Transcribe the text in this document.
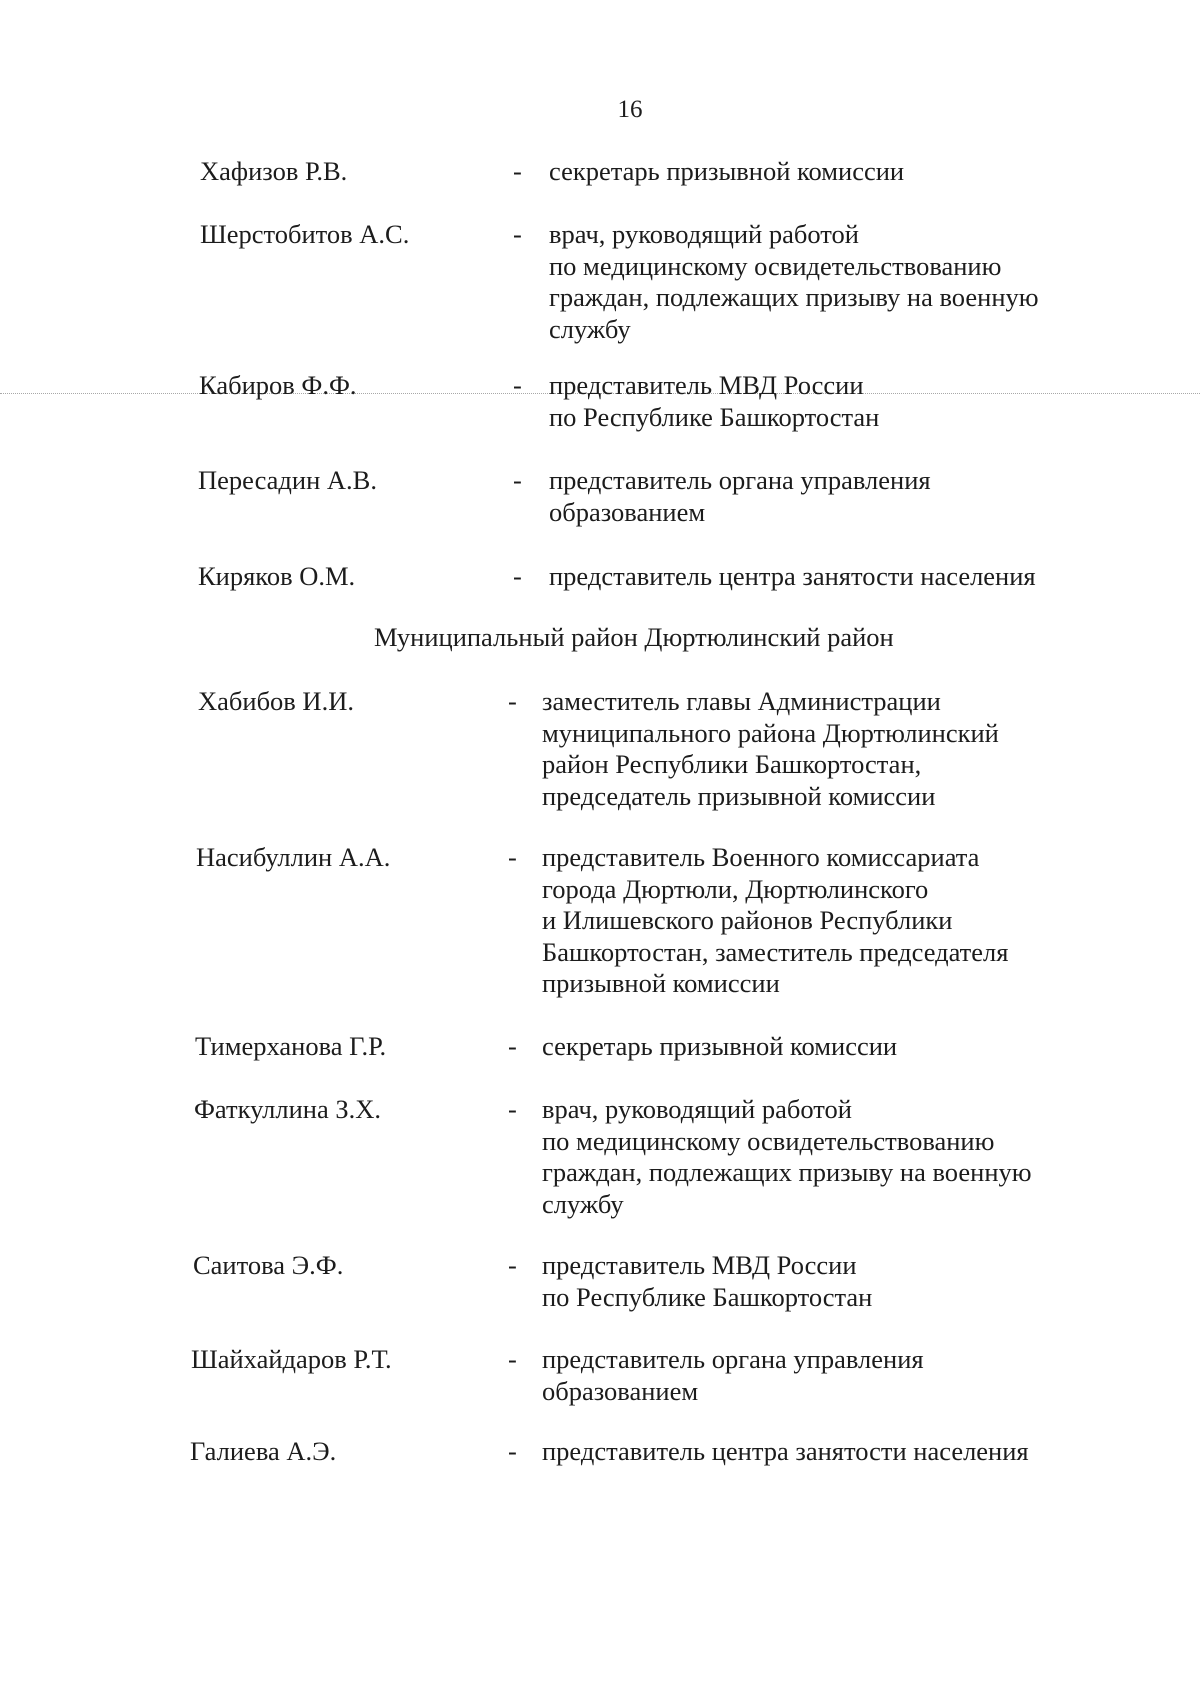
16
Муниципальный район Дюртюлинский район
Хафизов Р.В.	- секретарь призывной комиссии
Шерстобитов А.С.	- врач, руководящий работой
по медицинскому освидетельствованию
граждан, подлежащих призыву на военную
службу
Кабиров Ф.Ф.	- представитель МВД России
по Республике Башкортостан
Пересадин А.В.	- представитель органа управления
образованием
Киряков О.М.	- представитель центра занятости населения
Хабибов И.И.	- заместитель главы Администрации
муниципального района Дюртюлинский
район Республики Башкортостан,
председатель призывной комиссии
Насибуллин А.А.	- представитель Военного комиссариата
города Дюртюли, Дюртюлинского
и Илишевского районов Республики
Башкортостан, заместитель председателя
призывной комиссии
Тимерханова Г.Р.	- секретарь призывной комиссии
Фаткуллина З.Х.	- врач, руководящий работой
по медицинскому освидетельствованию
граждан, подлежащих призыву на военную
службу
Саитова Э.Ф.	- представитель МВД России
по Республике Башкортостан
Шайхайдаров Р.Т.	- представитель органа управления
образованием
Галиева А.Э.	- представитель центра занятости населения
